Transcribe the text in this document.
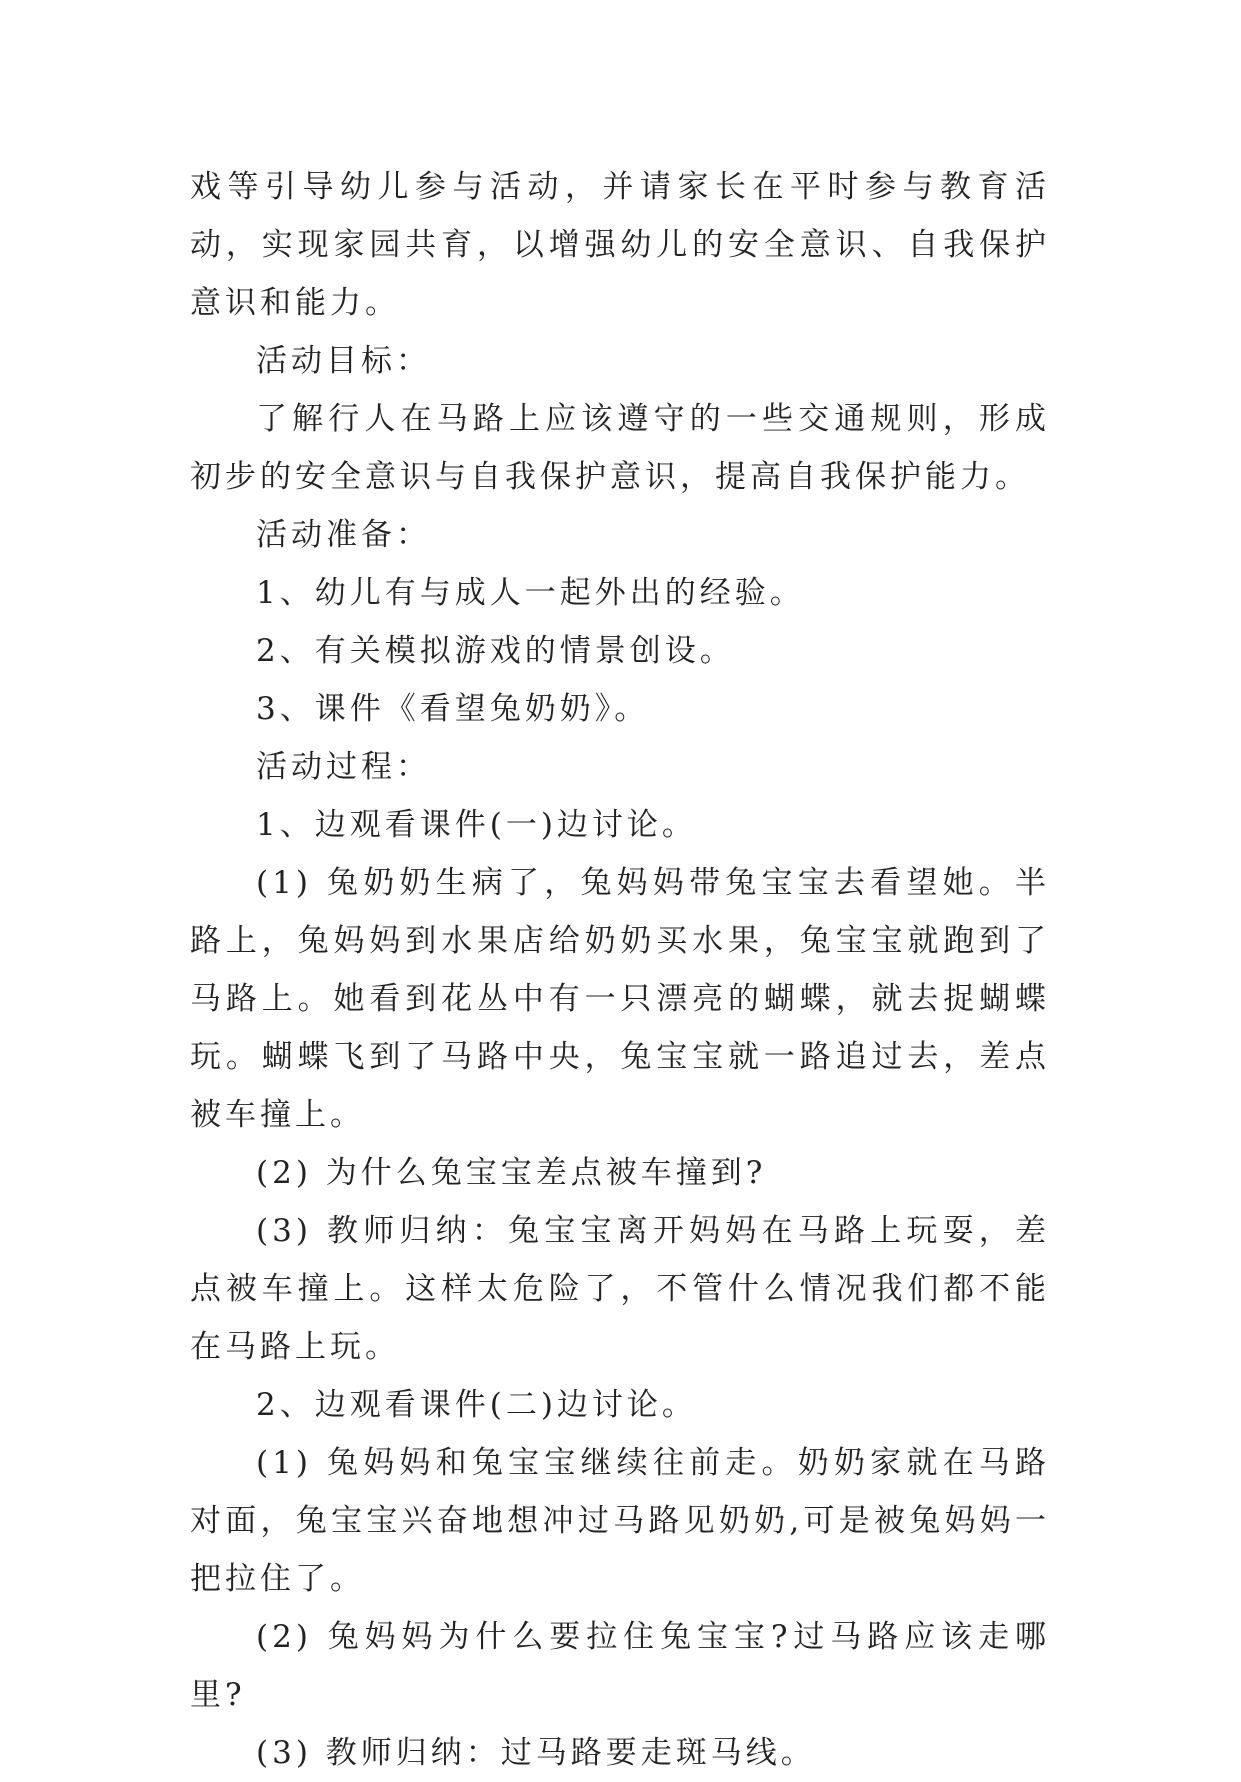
戏等引导幼儿参与活动，并请家长在平时参与教育活动，实现家园共育，以增强幼儿的安全意识、自我保护意识和能力。

活动目标：

了解行人在马路上应该遵守的一些交通规则，形成初步的安全意识与自我保护意识，提高自我保护能力。

活动准备：

1、幼儿有与成人一起外出的经验。

2、有关模拟游戏的情景创设。

3、课件《看望兔奶奶》。

活动过程：

1、边观看课件(一)边讨论。

(1) 兔奶奶生病了，兔妈妈带兔宝宝去看望她。半路上，兔妈妈到水果店给奶奶买水果，兔宝宝就跑到了马路上。她看到花丛中有一只漂亮的蝴蝶，就去捉蝴蝶玩。蝴蝶飞到了马路中央，兔宝宝就一路追过去，差点被车撞上。

(2) 为什么兔宝宝差点被车撞到?

(3) 教师归纳：兔宝宝离开妈妈在马路上玩耍，差点被车撞上。这样太危险了，不管什么情况我们都不能在马路上玩。

2、边观看课件(二)边讨论。

(1) 兔妈妈和兔宝宝继续往前走。奶奶家就在马路对面，兔宝宝兴奋地想冲过马路见奶奶,可是被兔妈妈一把拉住了。

(2) 兔妈妈为什么要拉住兔宝宝?过马路应该走哪里?

(3) 教师归纳：过马路要走斑马线。
